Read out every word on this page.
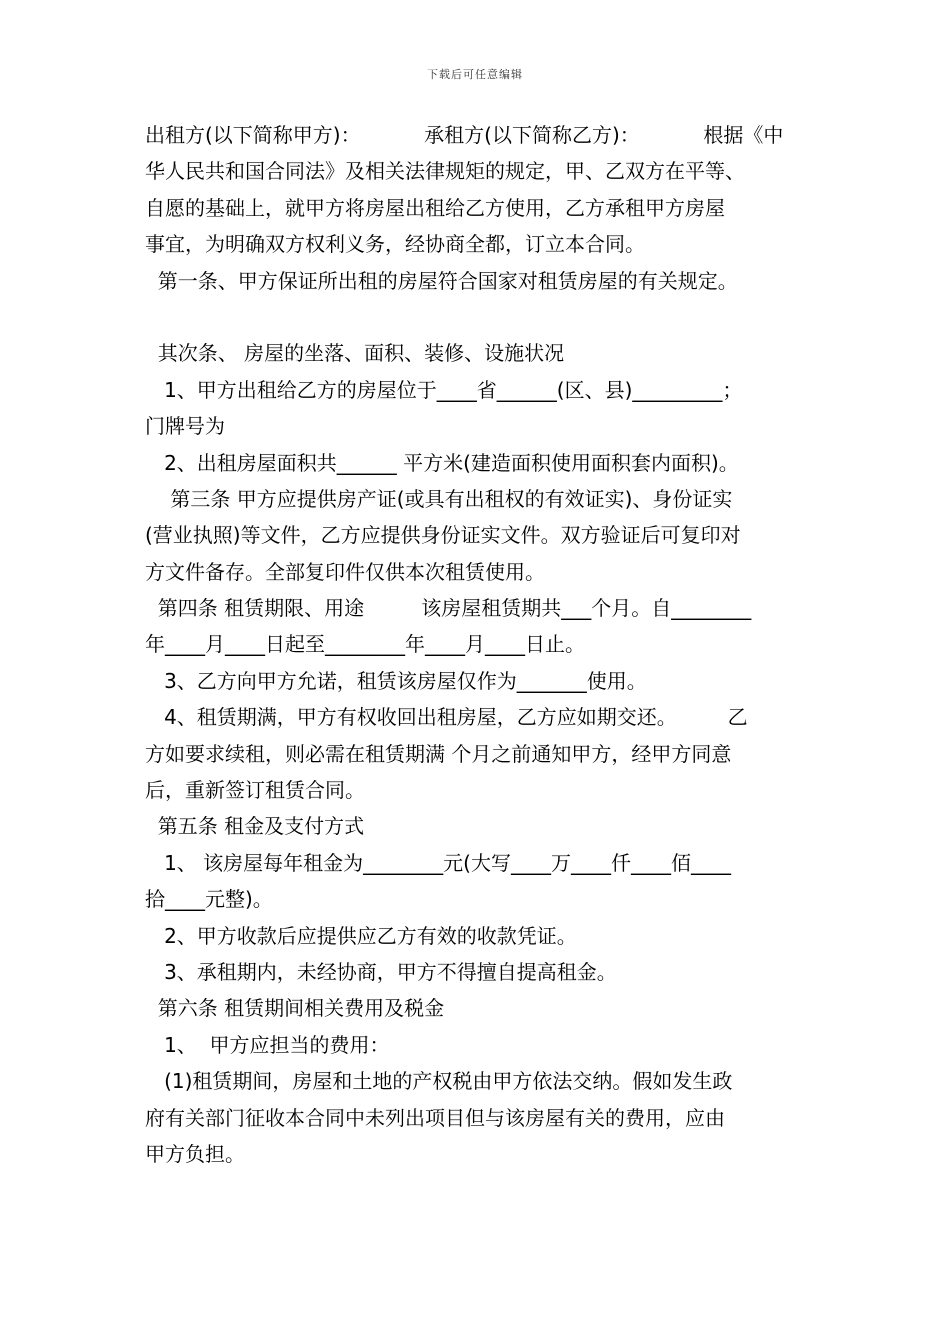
下载后可任意编辑
出租方(以下简称甲方)：          承租方(以下简称乙方)：          根据《中
华人民共和国合同法》及相关法律规矩的规定，甲、乙双方在平等、
自愿的基础上，就甲方将房屋出租给乙方使用，乙方承租甲方房屋
事宜，为明确双方权利义务，经协商全都，订立本合同。
第一条、甲方保证所出租的房屋符合国家对租赁房屋的有关规定。
其次条、 房屋的坐落、面积、装修、设施状况
1、甲方出租给乙方的房屋位于____省______(区、县)_________；
门牌号为
2、出租房屋面积共______ 平方米(建造面积使用面积套内面积)。
第三条 甲方应提供房产证(或具有出租权的有效证实)、身份证实
(营业执照)等文件，乙方应提供身份证实文件。双方验证后可复印对
方文件备存。全部复印件仅供本次租赁使用。
第四条 租赁期限、用途         该房屋租赁期共___个月。自________
年____月____日起至________年____月____日止。
3、乙方向甲方允诺，租赁该房屋仅作为_______使用。
4、租赁期满，甲方有权收回出租房屋，乙方应如期交还。        乙
方如要求续租，则必需在租赁期满 个月之前通知甲方，经甲方同意
后，重新签订租赁合同。
第五条 租金及支付方式
1、 该房屋每年租金为________元(大写____万____仟____佰____
拾____元整)。
2、甲方收款后应提供应乙方有效的收款凭证。
3、承租期内，未经协商，甲方不得擅自提高租金。
第六条 租赁期间相关费用及税金
1、  甲方应担当的费用：
(1)租赁期间，房屋和土地的产权税由甲方依法交纳。假如发生政
府有关部门征收本合同中未列出项目但与该房屋有关的费用，应由
甲方负担。
